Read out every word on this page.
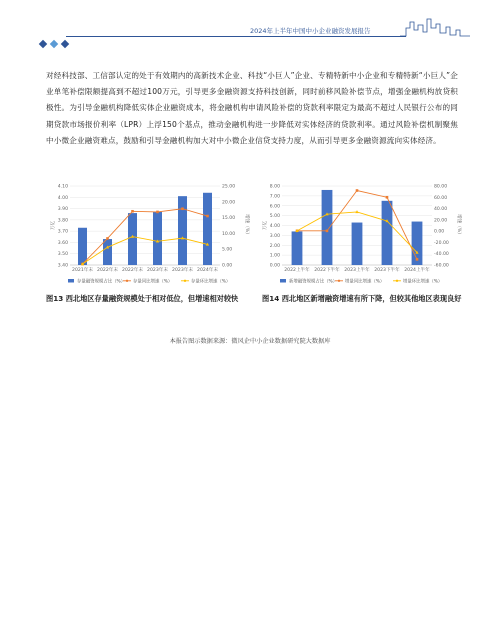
2024年上半年中国中小企业融资发展报告
对经科技部、工信部认定的处于有效期内的高新技术企业、科技“小巨人”企业、专精特新中小企业和专精特新“小巨人”企业单笔补偿限额提高到不超过100万元，引导更多金融资源支持科技创新，同时前移风险补偿节点，增强金融机构放贷积极性。为引导金融机构降低实体企业融资成本，将金融机构申请风险补偿的贷款利率限定为最高不超过人民银行公布的同期贷款市场报价利率（LPR）上浮150个基点，推动金融机构进一步降低对实体经济的贷款利率。通过风险补偿机制聚焦中小微企业融资难点，鼓励和引导金融机构加大对中小微企业信贷支持力度，从而引导更多金融资源流向实体经济。
3.40
3.50
3.60
3.70
3.80
3.90
4.00
4.10
0.00
5.00
10.00
15.00
20.00
25.00
万亿	增速（%）
2021年末 2022年末 2022年末 2023年末 2023年末 2024年末
存量融资规模占比（%） 存量同比增速（%）	存量环比增速（%）
0.00
1.00
2.00
3.00
4.00
5.00
6.00
7.00
8.00
-60.00
-40.00
-20.00
0.00
20.00
40.00
60.00
80.00
万亿	增速（%）
2022上半年 2022下半年 2023上半年 2023下半年 2024上半年
新增融资规模占比（%） 增量同比增速（%）	增量环比增速（%）
图13 西北地区存量融资规模处于相对低位，但增速相对较快	图14 西北地区新增融资增速有所下降，但较其他地区表现良好
本报告图示数据来源：微风企中小企业数据研究院大数据库
